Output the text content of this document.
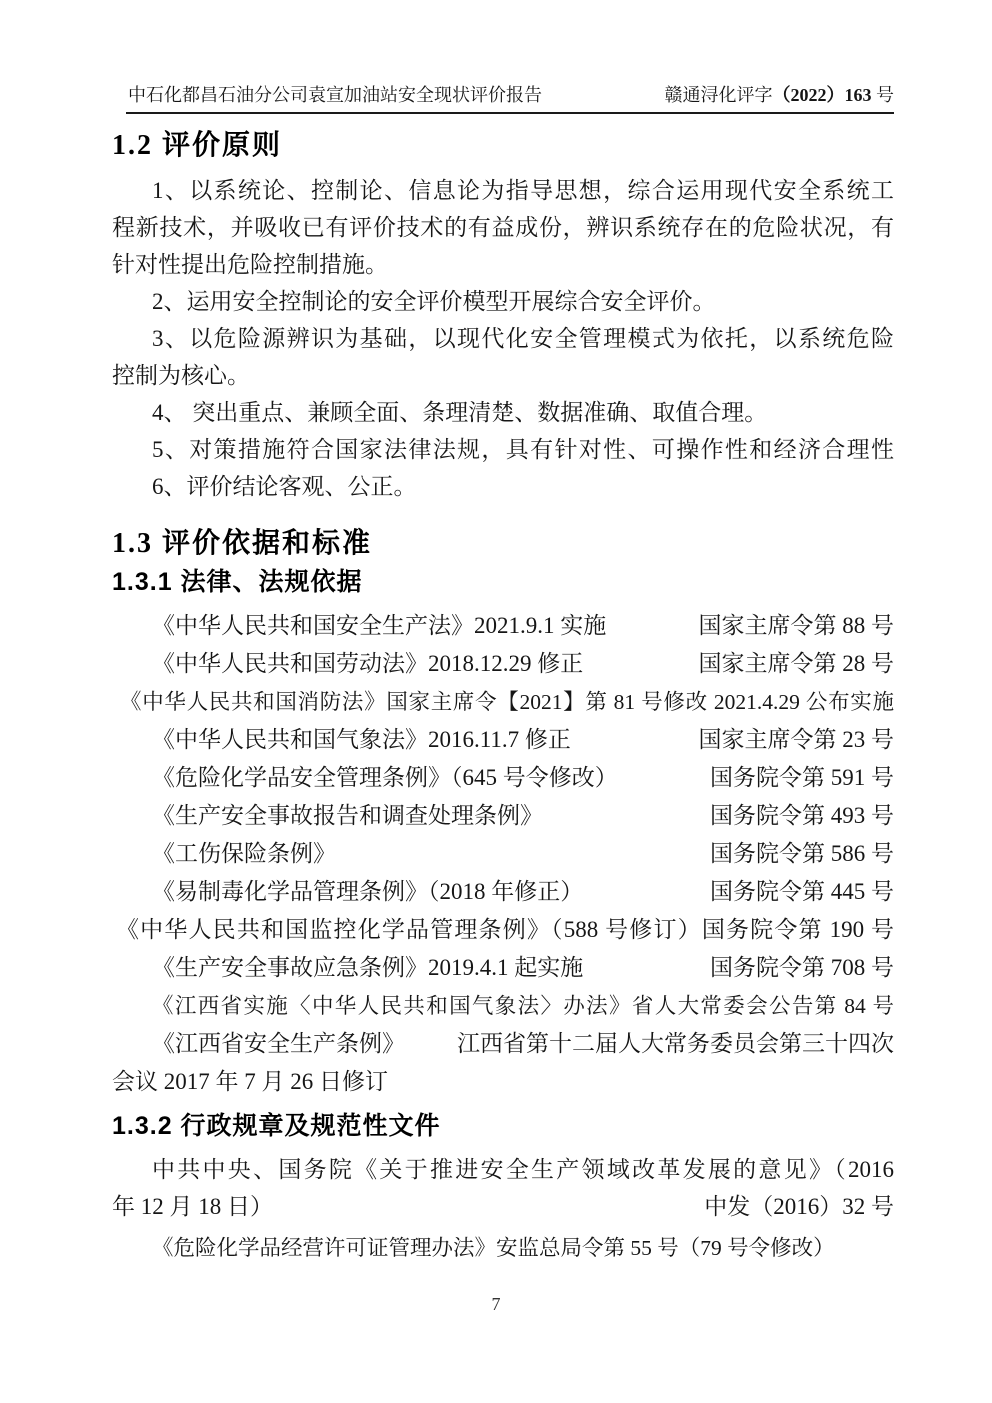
中石化都昌石油分公司袁宣加油站安全现状评价报告	赣通浔化评字（2022）163 号
1.2 评价原则
1、以系统论、控制论、信息论为指导思想，综合运用现代安全系统工
程新技术，并吸收已有评价技术的有益成份，辨识系统存在的危险状况，有
针对性提出危险控制措施。
2、运用安全控制论的安全评价模型开展综合安全评价。
3、以危险源辨识为基础，以现代化安全管理模式为依托，以系统危险
控制为核心。
4、 突出重点、兼顾全面、条理清楚、数据准确、取值合理。
5、对策措施符合国家法律法规，具有针对性、可操作性和经济合理性
6、评价结论客观、公正。
1.3 评价依据和标准
1.3.1 法律、法规依据
《中华人民共和国安全生产法》2021.9.1 实施	国家主席令第 88 号
《中华人民共和国劳动法》2018.12.29 修正	国家主席令第 28 号
《中华人民共和国消防法》国家主席令【2021】第 81 号修改 2021.4.29 公布实施
《中华人民共和国气象法》2016.11.7 修正	国家主席令第 23 号
《危险化学品安全管理条例》（645 号令修改）	国务院令第 591 号
《生产安全事故报告和调查处理条例》	国务院令第 493 号
《工伤保险条例》	国务院令第 586 号
《易制毒化学品管理条例》（2018 年修正）	国务院令第 445 号
《中华人民共和国监控化学品管理条例》（588 号修订）国务院令第 190 号
《生产安全事故应急条例》2019.4.1 起实施	国务院令第 708 号
《江西省实施〈中华人民共和国气象法〉办法》省人大常委会公告第 84 号
《江西省安全生产条例》 江西省第十二届人大常务委员会第三十四次
会议 2017 年 7 月 26 日修订
1.3.2 行政规章及规范性文件
中共中央、国务院《关于推进安全生产领域改革发展的意见》（2016
年 12 月 18 日）	中发（2016）32 号
《危险化学品经营许可证管理办法》安监总局令第 55 号（79 号令修改）
7
